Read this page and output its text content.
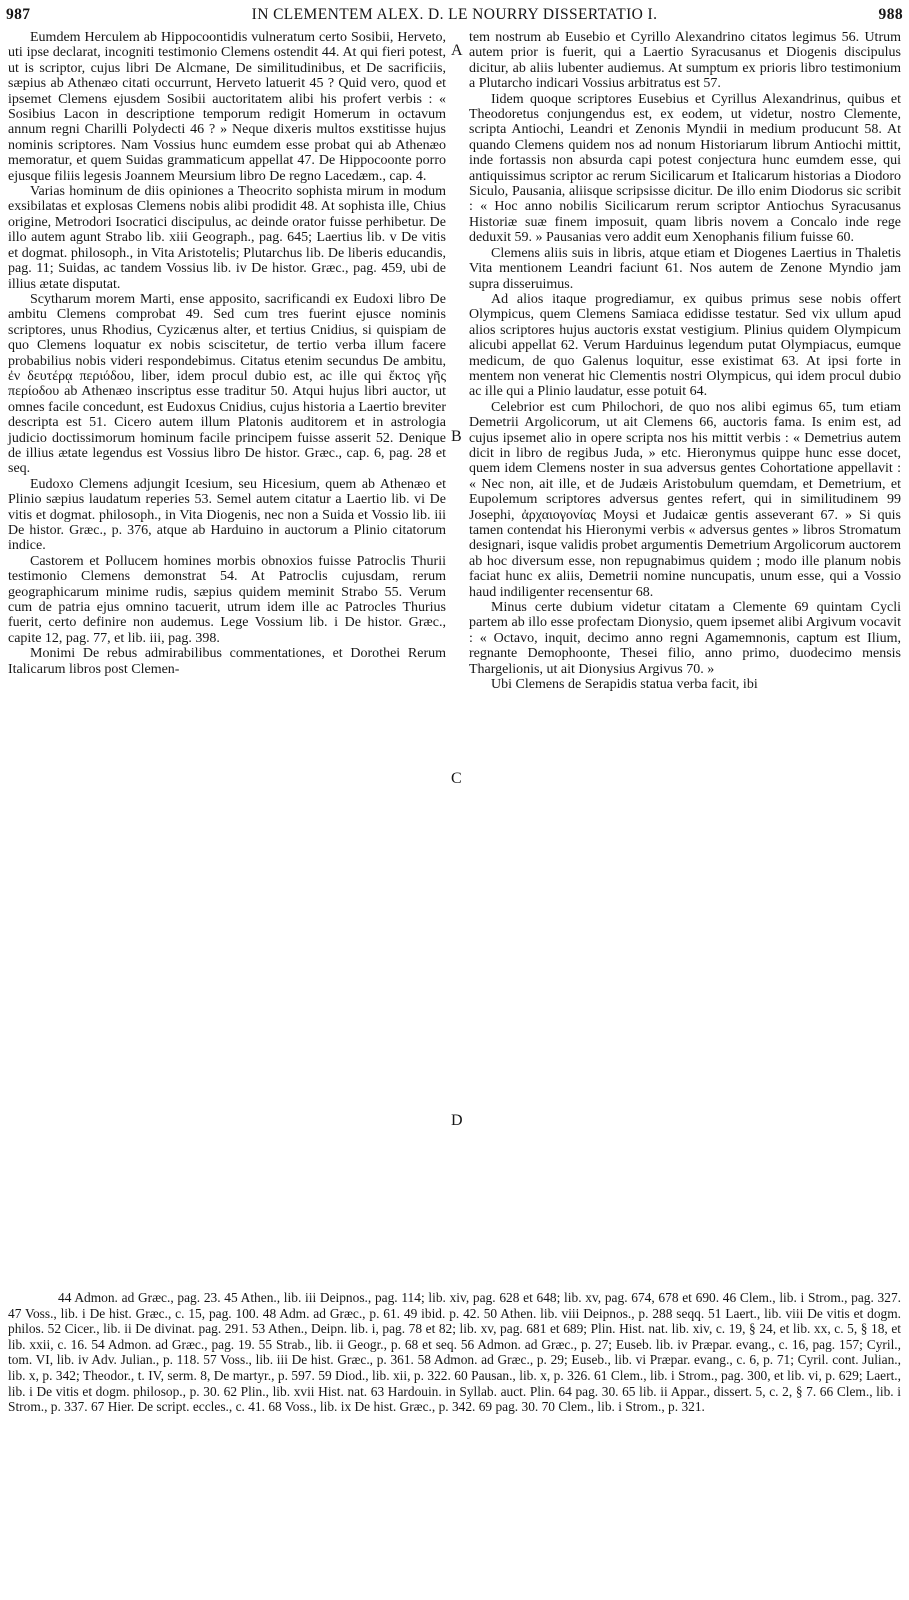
987	IN CLEMENTEM ALEX. D. LE NOURRY DISSERTATIO I.	988

Eumdem Herculem ab Hippocoontidis vulneratum certo Sosibii, Herveto, uti ipse declarat, incogniti testimonio Clemens ostendit 44. At qui fieri potest, ut is scriptor, cujus libri De Alcmane, De similitudinibus, et De sacrificiis, sæpius ab Athenæo citati occurrunt, Herveto latuerit 45 ? Quid vero, quod et ipsemet Clemens ejusdem Sosibii auctoritatem alibi his profert verbis : « Sosibius Lacon in descriptione temporum redigit Homerum in octavum annum regni Charilli Polydecti 46 ? » Neque dixeris multos exstitisse hujus nominis scriptores. Nam Vossius hunc eumdem esse probat qui ab Athenæo memoratur, et quem Suidas grammaticum appellat 47. De Hippocoonte porro ejusque filiis legesis Joannem Meursium libro De regno Lacedæm., cap. 4.

Varias hominum de diis opiniones a Theocrito sophista mirum in modum exsibilatas et explosas Clemens nobis alibi prodidit 48. At sophista ille, Chius origine, Metrodori Isocratici discipulus, ac deinde orator fuisse perhibetur. De illo autem agunt Strabo lib. xiii Geograph., pag. 645; Laertius lib. v De vitis et dogmat. philosoph., in Vita Aristotelis; Plutarchus lib. De liberis educandis, pag. 11; Suidas, ac tandem Vossius lib. iv De histor. Græc., pag. 459, ubi de illius ætate disputat.

Scytharum morem Marti, ense apposito, sacrificandi ex Eudoxi libro De ambitu Clemens comprobat 49. Sed cum tres fuerint ejusce nominis scriptores, unus Rhodius, Cyzicænus alter, et tertius Cnidius, si quispiam de quo Clemens loquatur ex nobis sciscitetur, de tertio verba illum facere probabilius nobis videri respondebimus. Citatus etenim secundus De ambitu, ἐν δευτέρᾳ περιόδου, liber, idem procul dubio est, ac ille qui ἔκτος γῆς περίοδου ab Athenæo inscriptus esse traditur 50. Atqui hujus libri auctor, ut omnes facile concedunt, est Eudoxus Cnidius, cujus historia a Laertio breviter descripta est 51. Cicero autem illum Platonis auditorem et in astrologia judicio doctissimorum hominum facile principem fuisse asserit 52. Denique de illius ætate legendus est Vossius libro De histor. Græc., cap. 6, pag. 28 et seq.

Eudoxo Clemens adjungit Icesium, seu Hicesium, quem ab Athenæo et Plinio sæpius laudatum reperies 53. Semel autem citatur a Laertio lib. vi De vitis et dogmat. philosoph., in Vita Diogenis, nec non a Suida et Vossio lib. iii De histor. Græc., p. 376, atque ab Harduino in auctorum a Plinio citatorum indice.

Castorem et Pollucem homines morbis obnoxios fuisse Patroclis Thurii testimonio Clemens demonstrat 54. At Patroclis cujusdam, rerum geographicarum minime rudis, sæpius quidem meminit Strabo 55. Verum cum de patria ejus omnino tacuerit, utrum idem ille ac Patrocles Thurius fuerit, certo definire non audemus. Lege Vossium lib. i De histor. Græc., capite 12, pag. 77, et lib. iii, pag. 398.

Monimi De rebus admirabilibus commentationes, et Dorothei Rerum Italicarum libros post Clemen-

A
B
C
D

tem nostrum ab Eusebio et Cyrillo Alexandrino citatos legimus 56. Utrum autem prior is fuerit, qui a Laertio Syracusanus et Diogenis discipulus dicitur, ab aliis lubenter audiemus. At sumptum ex prioris libro testimonium a Plutarcho indicari Vossius arbitratus est 57.

Iidem quoque scriptores Eusebius et Cyrillus Alexandrinus, quibus et Theodoretus conjungendus est, ex eodem, ut videtur, nostro Clemente, scripta Antiochi, Leandri et Zenonis Myndii in medium producunt 58. At quando Clemens quidem nos ad nonum Historiarum librum Antiochi mittit, inde fortassis non absurda capi potest conjectura hunc eumdem esse, qui antiquissimus scriptor ac rerum Sicilicarum et Italicarum historias a Diodoro Siculo, Pausania, aliisque scripsisse dicitur. De illo enim Diodorus sic scribit : « Hoc anno nobilis Sicilicarum rerum scriptor Antiochus Syracusanus Historiæ suæ finem imposuit, quam libris novem a Concalo inde rege deduxit 59. » Pausanias vero addit eum Xenophanis filium fuisse 60.

Clemens aliis suis in libris, atque etiam et Diogenes Laertius in Thaletis Vita mentionem Leandri faciunt 61. Nos autem de Zenone Myndio jam supra disseruimus.

Ad alios itaque progrediamur, ex quibus primus sese nobis offert Olympicus, quem Clemens Samiaca edidisse testatur. Sed vix ullum apud alios scriptores hujus auctoris exstat vestigium. Plinius quidem Olympicum alicubi appellat 62. Verum Harduinus legendum putat Olympiacus, eumque medicum, de quo Galenus loquitur, esse existimat 63. At ipsi forte in mentem non venerat hic Clementis nostri Olympicus, qui idem procul dubio ac ille qui a Plinio laudatur, esse potuit 64.

Celebrior est cum Philochori, de quo nos alibi egimus 65, tum etiam Demetrii Argolicorum, ut ait Clemens 66, auctoris fama. Is enim est, ad cujus ipsemet alio in opere scripta nos his mittit verbis : « Demetrius autem dicit in libro de regibus Juda, » etc. Hieronymus quippe hunc esse docet, quem idem Clemens noster in sua adversus gentes Cohortatione appellavit : « Nec non, ait ille, et de Judæis Aristobulum quemdam, et Demetrium, et Eupolemum scriptores adversus gentes refert, qui in similitudinem 99 Josephi, ἀρχαιογονίας Moysi et Judaicæ gentis asseverant 67. » Si quis tamen contendat his Hieronymi verbis « adversus gentes » libros Stromatum designari, isque validis probet argumentis Demetrium Argolicorum auctorem ab hoc diversum esse, non repugnabimus quidem ; modo ille planum nobis faciat hunc ex aliis, Demetrii nomine nuncupatis, unum esse, qui a Vossio haud indiligenter recensentur 68.

Minus certe dubium videtur citatam a Clemente 69 quintam Cycli partem ab illo esse profectam Dionysio, quem ipsemet alibi Argivum vocavit : « Octavo, inquit, decimo anno regni Agamemnonis, captum est Ilium, regnante Demophoonte, Thesei filio, anno primo, duodecimo mensis Thargelionis, ut ait Dionysius Argivus 70. »

Ubi Clemens de Serapidis statua verba facit, ibi

44 Admon. ad Græc., pag. 23. 45 Athen., lib. iii Deipnos., pag. 114; lib. xiv, pag. 628 et 648; lib. xv, pag. 674, 678 et 690. 46 Clem., lib. i Strom., pag. 327. 47 Voss., lib. i De hist. Græc., c. 15, pag. 100. 48 Adm. ad Græc., p. 61. 49 ibid. p. 42. 50 Athen. lib. viii Deipnos., p. 288 seqq. 51 Laert., lib. viii De vitis et dogm. philos. 52 Cicer., lib. ii De divinat. pag. 291. 53 Athen., Deipn. lib. i, pag. 78 et 82; lib. xv, pag. 681 et 689; Plin. Hist. nat. lib. xiv, c. 19, § 24, et lib. xx, c. 5, § 18, et lib. xxii, c. 16. 54 Admon. ad Græc., pag. 19. 55 Strab., lib. ii Geogr., p. 68 et seq. 56 Admon. ad Græc., p. 27; Euseb. lib. iv Præpar. evang., c. 16, pag. 157; Cyril., tom. VI, lib. iv Adv. Julian., p. 118. 57 Voss., lib. iii De hist. Græc., p. 361. 58 Admon. ad Græc., p. 29; Euseb., lib. vi Præpar. evang., c. 6, p. 71; Cyril. cont. Julian., lib. x, p. 342; Theodor., t. IV, serm. 8, De martyr., p. 597. 59 Diod., lib. xii, p. 322. 60 Pausan., lib. x, p. 326. 61 Clem., lib. i Strom., pag. 300, et lib. vi, p. 629; Laert., lib. i De vitis et dogm. philosop., p. 30. 62 Plin., lib. xvii Hist. nat. 63 Hardouin. in Syllab. auct. Plin. 64 pag. 30. 65 lib. ii Appar., dissert. 5, c. 2, § 7. 66 Clem., lib. i Strom., p. 337. 67 Hier. De script. eccles., c. 41. 68 Voss., lib. ix De hist. Græc., p. 342. 69 pag. 30. 70 Clem., lib. i Strom., p. 321.
